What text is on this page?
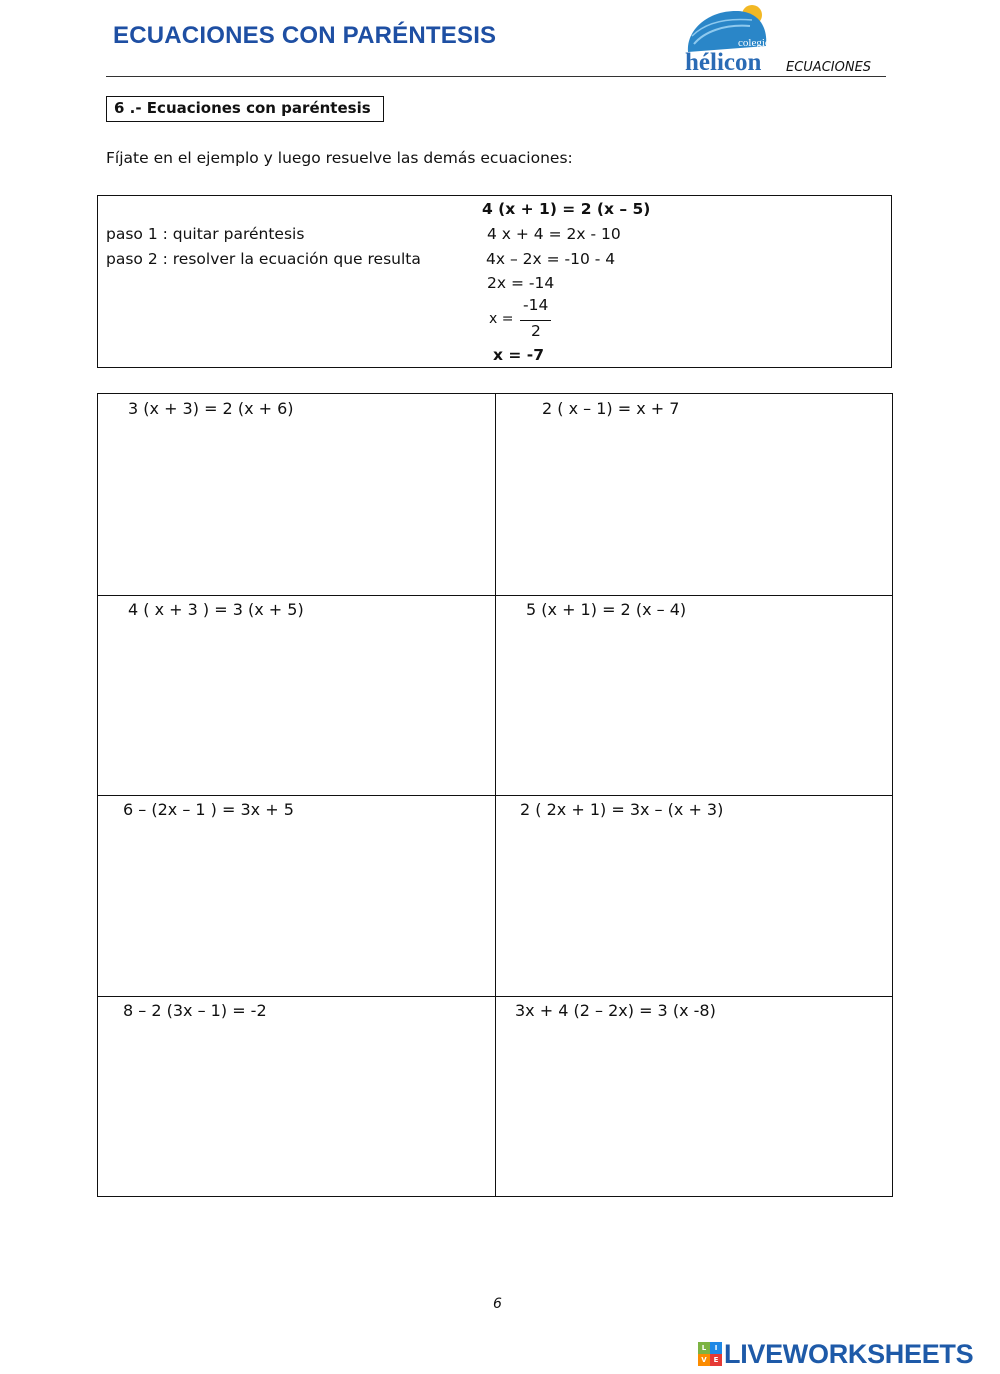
ECUACIONES CON PARÉNTESIS	colegio
hélicon ECUACIONES
6 .- Ecuaciones con paréntesis
Fíjate en el ejemplo y luego resuelve las demás ecuaciones:
4 (x + 1) = 2 (x – 5)
paso 1 : quitar paréntesis	4 x + 4 = 2x - 10
paso 2 : resolver la ecuación que resulta	4x – 2x = -10 - 4
2x = -14
x = -7
x =
-14
2
3 (x + 3) = 2 (x + 6)	2 ( x – 1) = x + 7
4 ( x + 3 ) = 3 (x + 5)	5 (x + 1) = 2 (x – 4)
6 – (2x – 1 ) = 3x + 5	2 ( 2x + 1) = 3x – (x + 3)
8 – 2 (3x – 1) = -2	3x + 4 (2 – 2x) = 3 (x -8)
6
L	I
V E LIVEWORKSHEETS
